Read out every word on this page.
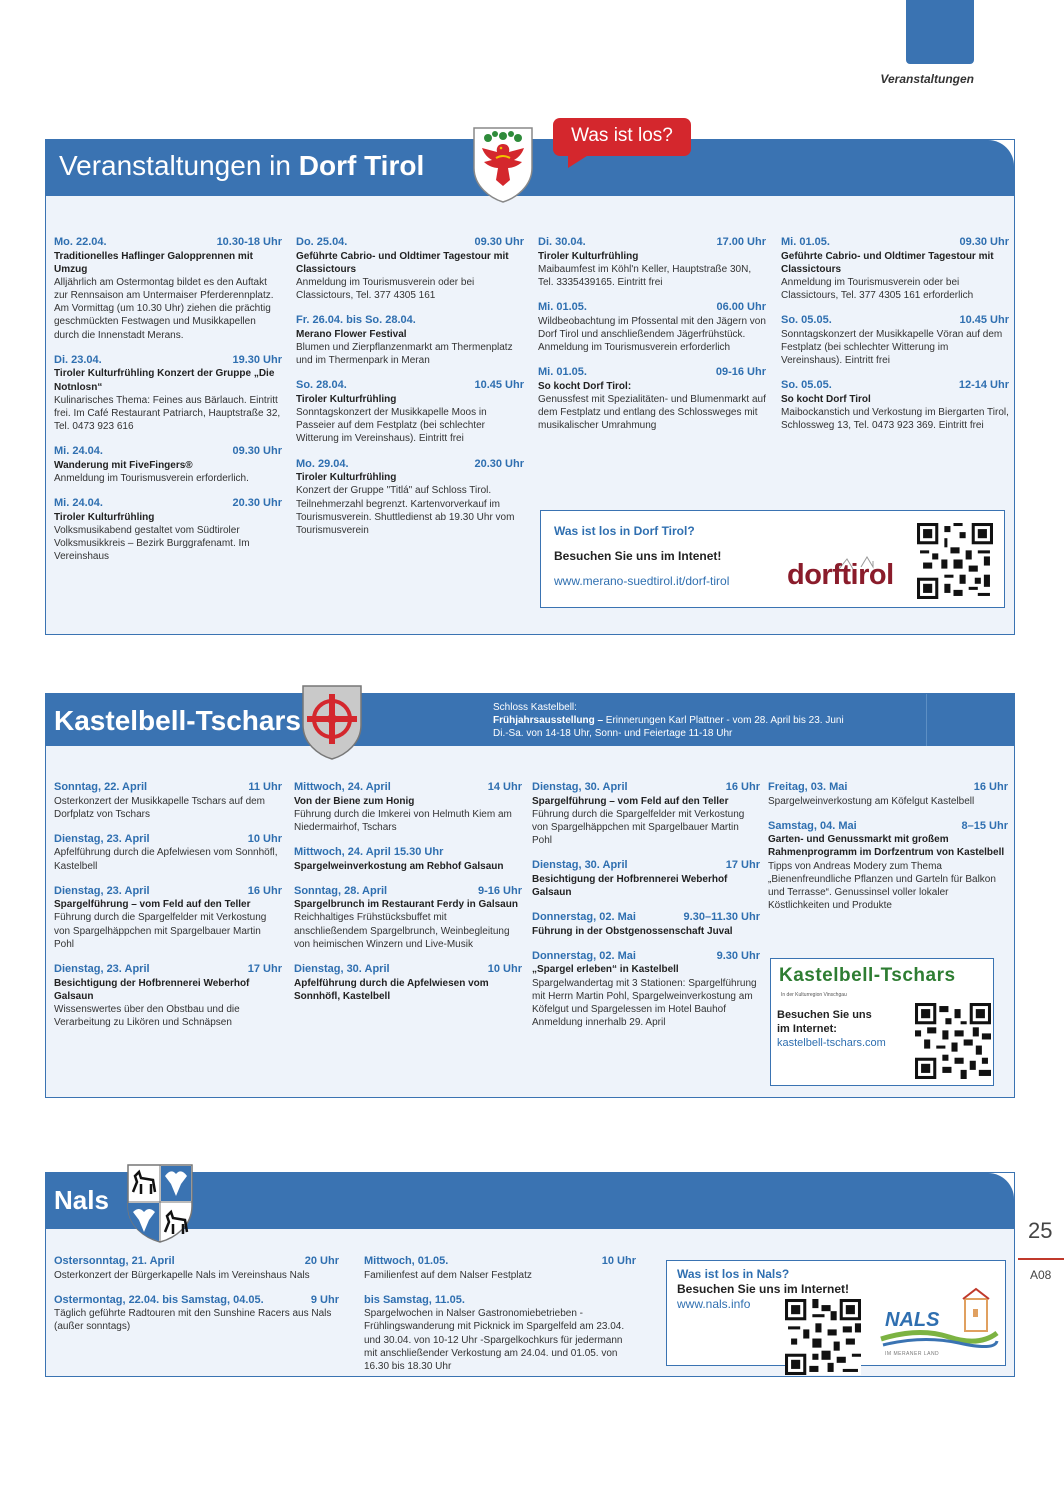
Veranstaltungen
Veranstaltungen in Dorf Tirol
Mo. 22.04.	10.30-18 Uhr
Traditionelles Haflinger Galopprennen mit Umzug
Alljährlich am Ostermontag bildet es den Auftakt zur Rennsaison am Untermaiser Pferderennplatz. Am Vormittag (um 10.30 Uhr) ziehen die prächtig geschmückten Festwagen und Musikkapellen durch die Innenstadt Merans.
Di. 23.04.	19.30 Uhr
Tiroler Kulturfrühling Konzert der Gruppe „Die Notnlosn“
Kulinarisches Thema: Feines aus Bärlauch. Eintritt frei. Im Café Restaurant Patriarch, Hauptstraße 32, Tel. 0473 923 616
Mi. 24.04.	09.30 Uhr
Wanderung mit FiveFingers®
Anmeldung im Tourismusverein erforderlich.
Mi. 24.04.	20.30 Uhr
Tiroler Kulturfrühling
Volksmusikabend gestaltet vom Südtiroler Volksmusikkreis – Bezirk Burggrafenamt. Im Vereinshaus
Do. 25.04.	09.30 Uhr
Geführte Cabrio- und Oldtimer Tagestour mit Classictours
Anmeldung im Tourismusverein oder bei Classictours, Tel. 377 4305 161
Fr. 26.04. bis So. 28.04.
Merano Flower Festival
Blumen und Zierpflanzenmarkt am Thermenplatz und im Thermenpark in Meran
So. 28.04.	10.45 Uhr
Tiroler Kulturfrühling
Sonntagskonzert der Musikkapelle Moos in Passeier auf dem Festplatz (bei schlechter Witterung im Vereinshaus). Eintritt frei
Mo. 29.04.	20.30 Uhr
Tiroler Kulturfrühling
Konzert der Gruppe "Titlá" auf Schloss Tirol. Teilnehmerzahl begrenzt. Kartenvorverkauf im Tourismusverein. Shuttledienst ab 19.30 Uhr vom Tourismusverein
Di. 30.04.	17.00 Uhr
Tiroler Kulturfrühling
Maibaumfest im Köhl'n Keller, Hauptstraße 30N, Tel. 3335439165. Eintritt frei
Mi. 01.05.	06.00 Uhr
Wildbeobachtung im Pfossental mit den Jägern von Dorf Tirol und anschließendem Jägerfrühstück. Anmeldung im Tourismusverein erforderlich
Mi. 01.05.	09-16 Uhr
So kocht Dorf Tirol:
Genussfest mit Spezialitäten- und Blumenmarkt auf dem Festplatz und entlang des Schlossweges mit musikalischer Umrahmung
Mi. 01.05.	09.30 Uhr
Geführte Cabrio- und Oldtimer Tagestour mit Classictours
Anmeldung im Tourismusverein oder bei Classictours, Tel. 377 4305 161 erforderlich
So. 05.05.	10.45 Uhr
Sonntagskonzert der Musikkapelle Vöran auf dem Festplatz (bei schlechter Witterung im Vereinshaus). Eintritt frei
So. 05.05.	12-14 Uhr
So kocht Dorf Tirol
Maibockanstich und Verkostung im Biergarten Tirol, Schlossweg 13, Tel. 0473 923 369. Eintritt frei
Was ist los in Dorf Tirol?
Besuchen Sie uns im Intenet!
www.merano-suedtirol.it/dorf-tirol dorftirol
Was ist los?
Kastelbell-Tschars	Schloss Kastelbell:
Frühjahrsausstellung – Erinnerungen Karl Plattner - vom 28. April bis 23. Juni
Di.-Sa. von 14-18 Uhr, Sonn- und Feiertage 11-18 Uhr
Sonntag, 22. April	11 Uhr
Osterkonzert der Musikkapelle Tschars auf dem Dorfplatz von Tschars
Dienstag, 23. April	10 Uhr
Apfelführung durch die Apfelwiesen vom Sonnhöfl, Kastelbell
Dienstag, 23. April	16 Uhr
Spargelführung – vom Feld auf den Teller
Führung durch die Spargelfelder mit Verkostung von Spargelhäppchen mit Spargelbauer Martin Pohl
Dienstag, 23. April	17 Uhr
Besichtigung der Hofbrennerei Weberhof Galsaun
Wissenswertes über den Obstbau und die Verarbeitung zu Likören und Schnäpsen
Mittwoch, 24. April	14 Uhr
Von der Biene zum Honig
Führung durch die Imkerei von Helmuth Kiem am Niedermairhof, Tschars
Mittwoch, 24. April 15.30 Uhr
Spargelweinverkostung am Rebhof Galsaun
Sonntag, 28. April	9-16 Uhr
Spargelbrunch im Restaurant Ferdy in Galsaun
Reichhaltiges Frühstücksbuffet mit anschließendem Spargelbrunch, Weinbegleitung von heimischen Winzern und Live-Musik
Dienstag, 30. April	10 Uhr
Apfelführung durch die Apfelwiesen vom Sonnhöfl, Kastelbell
Dienstag, 30. April	16 Uhr
Spargelführung – vom Feld auf den Teller
Führung durch die Spargelfelder mit Verkostung von Spargelhäppchen mit Spargelbauer Martin Pohl
Dienstag, 30. April	17 Uhr
Besichtigung der Hofbrennerei Weberhof Galsaun
Donnerstag, 02. Mai	9.30–11.30 Uhr
Führung in der Obstgenossenschaft Juval
Donnerstag, 02. Mai	9.30 Uhr
„Spargel erleben“ in Kastelbell
Spargelwandertag mit 3 Stationen: Spargelführung mit Herrn Martin Pohl, Spargelweinverkostung am Köfelgut und Spargelessen im Hotel Bauhof Anmeldung innerhalb 29. April
Freitag, 03. Mai	16 Uhr
Spargelweinverkostung am Köfelgut Kastelbell
Samstag, 04. Mai	8–15 Uhr
Garten- und Genussmarkt mit großem Rahmenprogramm im Dorfzentrum von Kastelbell
Tipps von Andreas Modery zum Thema „Bienenfreundliche Pflanzen und Garteln für Balkon und Terrasse“. Genussinsel voller lokaler Köstlichkeiten und Produkte
Kastelbell-Tschars
In der Kulturregion Vinschgau
Besuchen Sie uns im Internet:
kastelbell-tschars.com
Nals
Ostersonntag, 21. April	20 Uhr
Osterkonzert der Bürgerkapelle Nals im Vereinshaus Nals
Ostermontag, 22.04. bis Samstag, 04.05.	9 Uhr
Täglich geführte Radtouren mit den Sunshine Racers aus Nals (außer sonntags)
Mittwoch, 01.05.	10 Uhr
Familienfest auf dem Nalser Festplatz
bis Samstag, 11.05.
Spargelwochen in Nalser Gastronomiebetrieben -Frühlingswanderung mit Picknick im Spargelfeld am 23.04. und 30.04. von 10-12 Uhr -Spargelkochkurs für jedermann mit anschließender Verkostung am 24.04. und 01.05. von 16.30 bis 18.30 Uhr
Was ist los in Nals?
Besuchen Sie uns im Internet!
www.nals.info
NALS
IM MERANER LAND
25
A08
